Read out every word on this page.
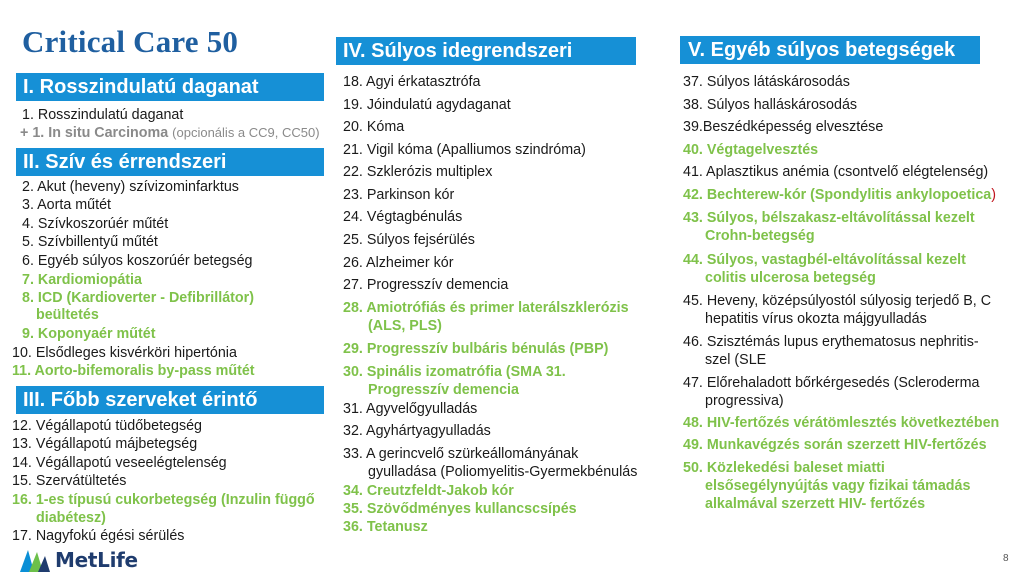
Critical Care 50
I. Rosszindulatú daganat
1. Rosszindulatú daganat
+ 1. In situ Carcinoma (opcionális a CC9, CC50)
II. Szív és érrendszeri
2. Akut (heveny) szívizominfarktus
3. Aorta műtét
4. Szívkoszorúér műtét
5. Szívbillentyű műtét
6. Egyéb súlyos koszorúér betegség
7. Kardiomiopátia
8. ICD (Kardioverter - Defibrillátor)
beültetés
9. Koponyaér műtét
10. Elsődleges kisvérköri hipertónia
11. Aorto-bifemoralis by-pass műtét
III. Főbb szerveket érintő
12. Végállapotú tüdőbetegség
13. Végállapotú májbetegség
14. Végállapotú veseelégtelenség
15. Szervátültetés
16. 1-es típusú cukorbetegség (Inzulin függő
diabétesz)
17. Nagyfokú égési sérülés
IV. Súlyos idegrendszeri
18. Agyi érkatasztrófa
19. Jóindulatú agydaganat
20. Kóma
21. Vigil kóma (Apalliumos szindróma)
22. Szklerózis multiplex
23. Parkinson kór
24. Végtagbénulás
25. Súlyos fejsérülés
26. Alzheimer kór
27. Progresszív demencia
28. Amiotrófiás és primer laterálszklerózis
(ALS, PLS)
29. Progresszív bulbáris bénulás (PBP)
30. Spinális izomatrófia (SMA 31.
Progresszív demencia
31. Agyvelőgyulladás
32. Agyhártyagyulladás
33. A gerincvelő szürkeállományának
gyulladása (Poliomyelitis-Gyermekbénulás
34. Creutzfeldt-Jakob kór
35. Szövődményes kullancscsípés
36. Tetanusz
V. Egyéb súlyos betegségek
37. Súlyos látáskárosodás
38. Súlyos halláskárosodás
39.Beszédképesség elvesztése
40. Végtagelvesztés
41. Aplasztikus anémia (csontvelő elégtelenség)
42. Bechterew-kór (Spondylitis ankylopoetica)
43. Súlyos, bélszakasz-eltávolítással kezelt
Crohn-betegség
44. Súlyos, vastagbél-eltávolítással kezelt
colitis ulcerosa betegség
45. Heveny, középsúlyostól súlyosig terjedő B, C
hepatitis vírus okozta májgyulladás
46. Szisztémás lupus erythematosus nephritis-
szel (SLE
47. Előrehaladott bőrkérgesedés (Scleroderma
progressiva)
48. HIV-fertőzés vérátömlesztés következtében
49. Munkavégzés során szerzett HIV-fertőzés
50. Közlekedési baleset miatti
elsősegélynyújtás vagy fizikai támadás
alkalmával szerzett HIV- fertőzés
MetLife	8
